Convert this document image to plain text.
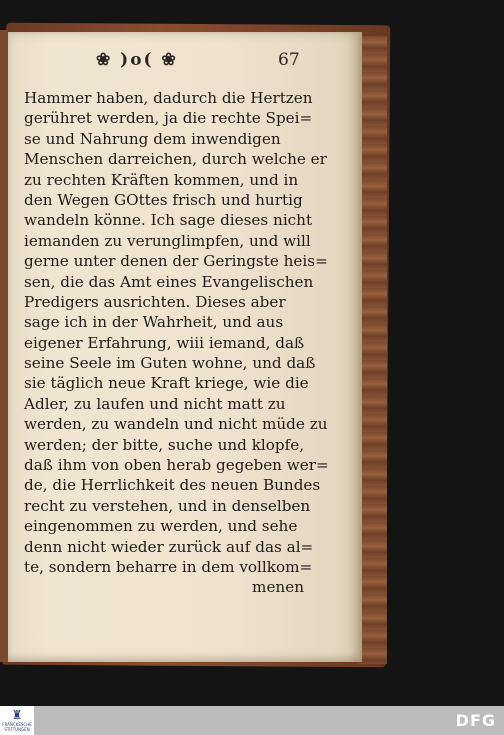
❀ )o( ❀	67
Hammer haben, dadurch die Hertzen
gerühret werden, ja die rechte Spei=
se und Nahrung dem inwendigen
Menschen darreichen, durch welche er
zu rechten Kräften kommen, und in
den Wegen GOttes frisch und hurtig
wandeln könne. Ich sage dieses nicht
iemanden zu verunglimpfen, und will
gerne unter denen der Geringste heis=
sen, die das Amt eines Evangelischen
Predigers ausrichten. Dieses aber
sage ich in der Wahrheit, und aus
eigener Erfahrung, wiii iemand, daß
seine Seele im Guten wohne, und daß
sie täglich neue Kraft kriege, wie die
Adler, zu laufen und nicht matt zu
werden, zu wandeln und nicht müde zu
werden; der bitte, suche und klopfe,
daß ihm von oben herab gegeben wer=
de, die Herrlichkeit des neuen Bundes
recht zu verstehen, und in denselben
eingenommen zu werden, und sehe
denn nicht wieder zurück auf das al=
te, sondern beharre in dem vollkom=
menen
♜
FRANCKESCHE STIFTUNGEN	DFG
